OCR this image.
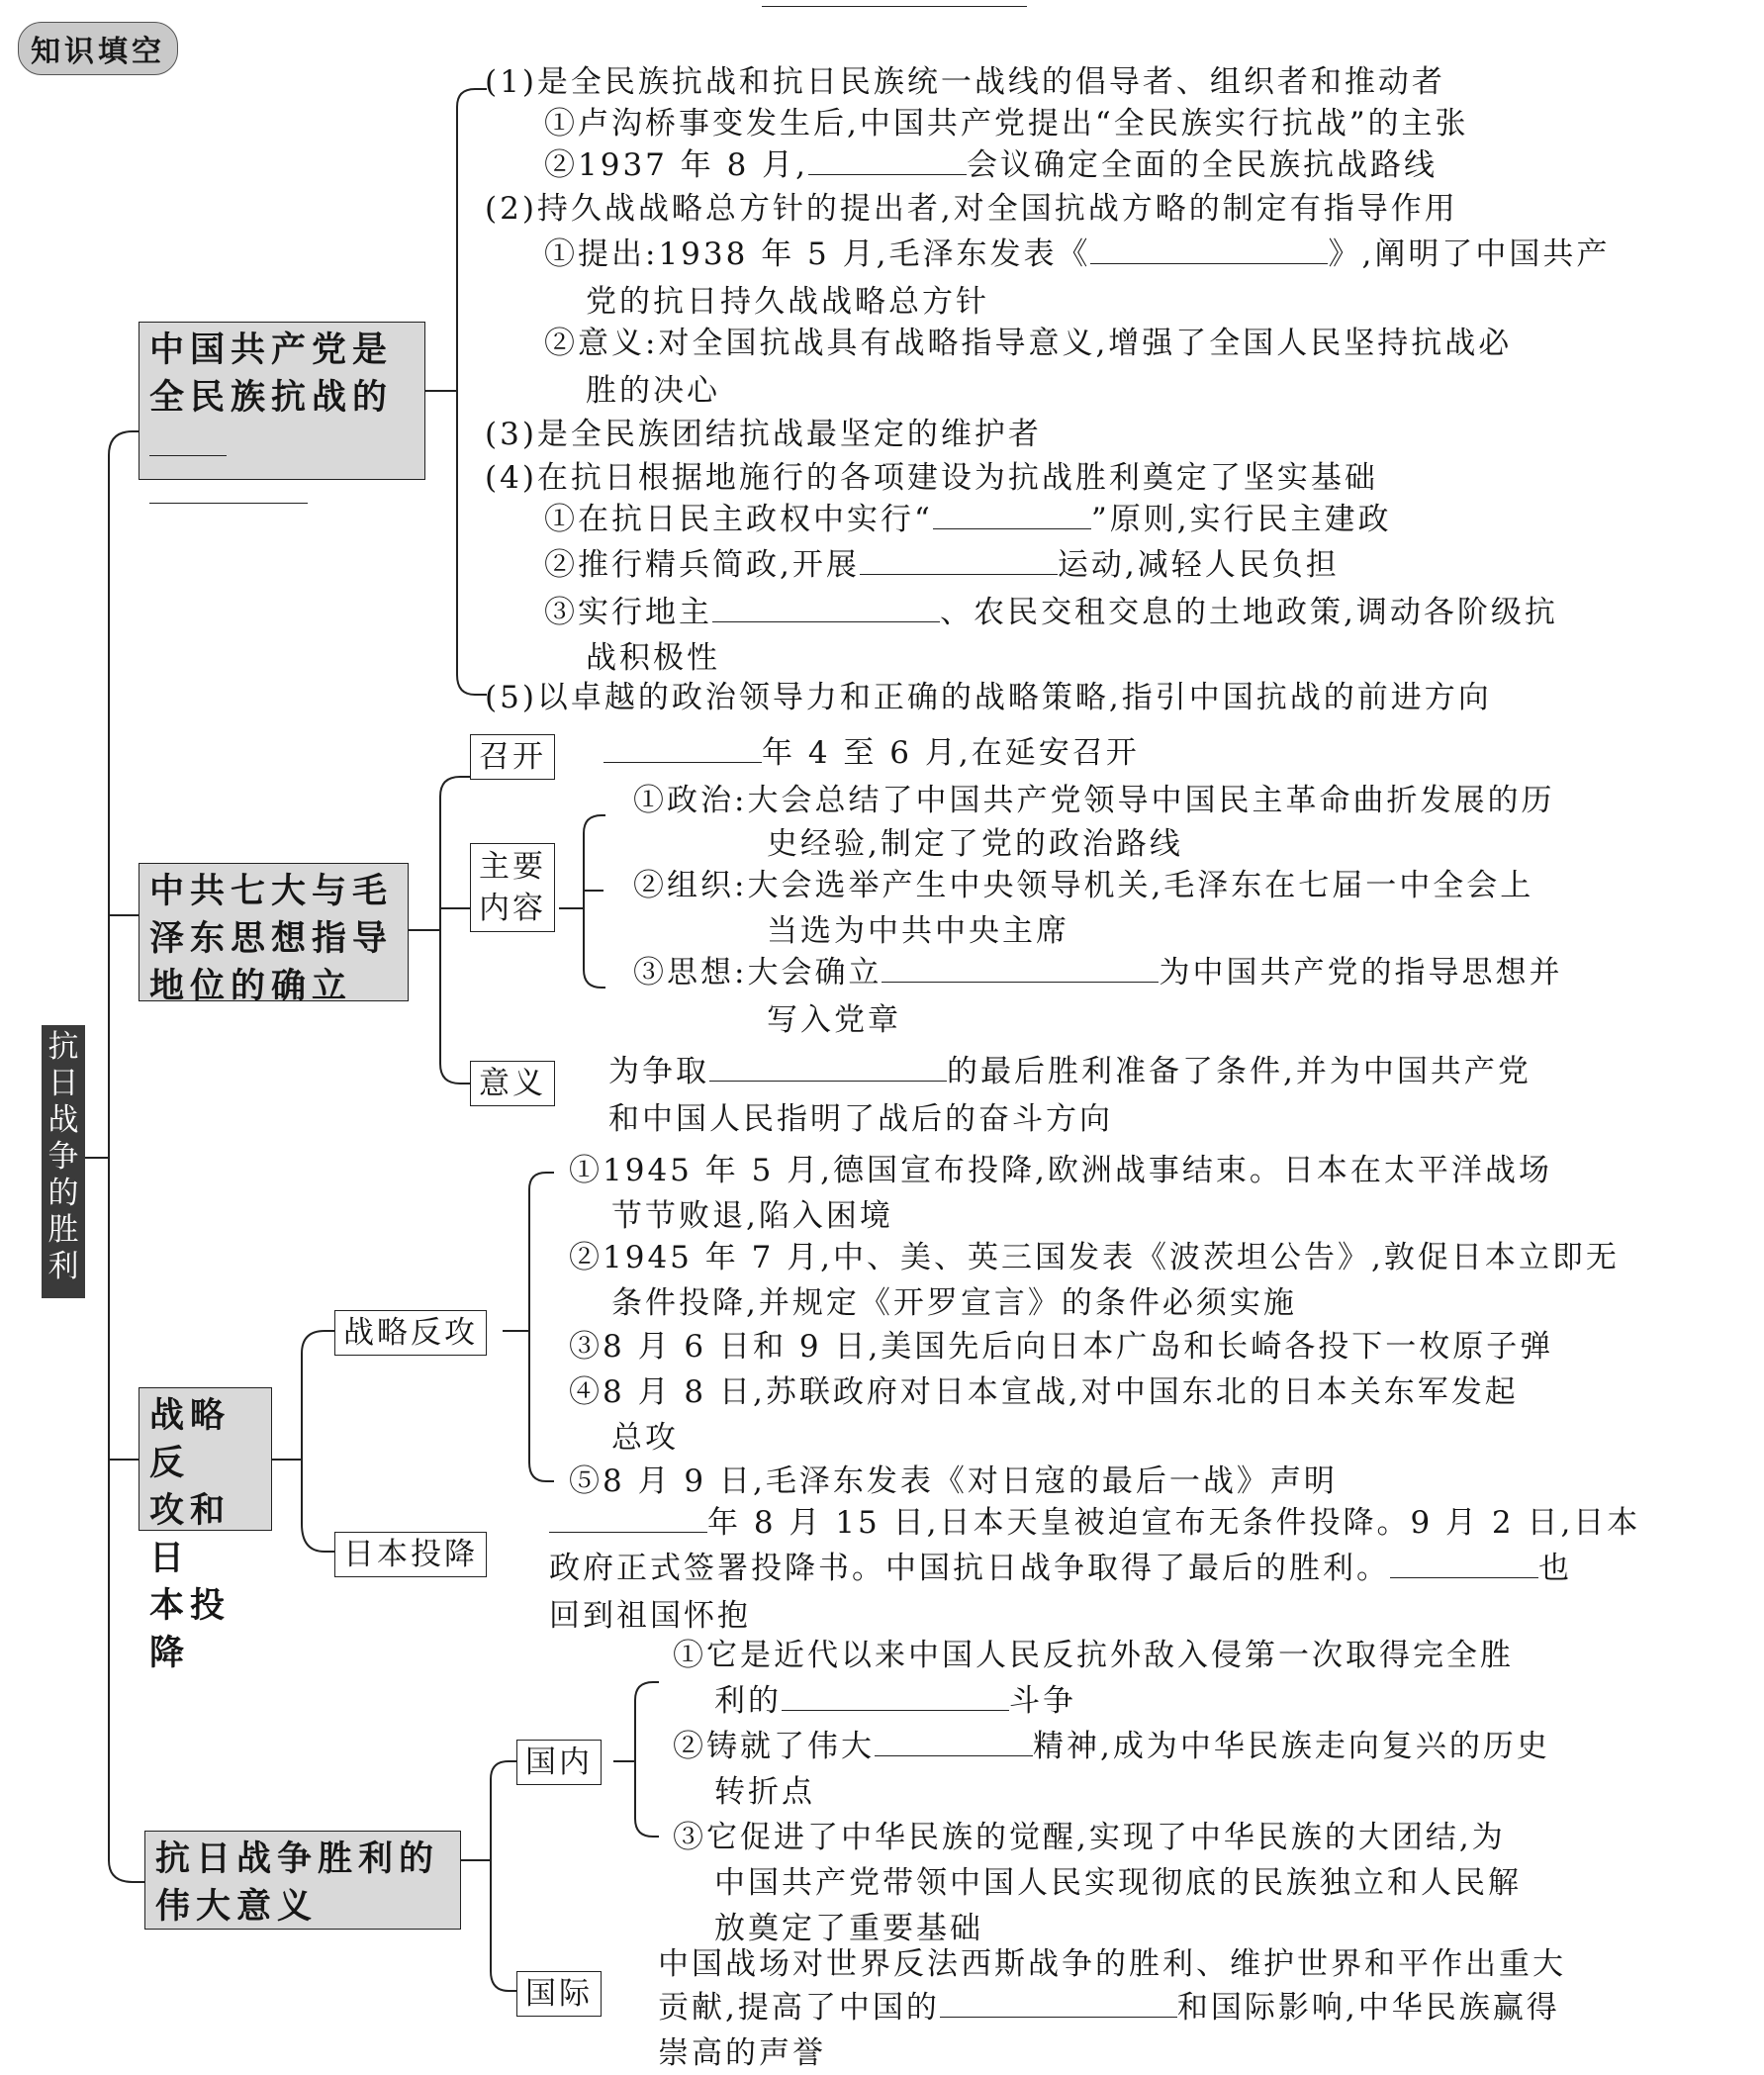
知识填空
抗日战争的胜利
中国共产党是全民族抗战的

(1)是全民族抗战和抗日民族统一战线的倡导者、组织者和推动者
①卢沟桥事变发生后,中国共产党提出“全民族实行抗战”的主张
②1937 年 8 月,	会议确定全面的全民族抗战路线
(2)持久战战略总方针的提出者,对全国抗战方略的制定有指导作用
①提出:1938 年 5 月,毛泽东发表《	》,阐明了中国共产
党的抗日持久战战略总方针
②意义:对全国抗战具有战略指导意义,增强了全国人民坚持抗战必
胜的决心
(3)是全民族团结抗战最坚定的维护者
(4)在抗日根据地施行的各项建设为抗战胜利奠定了坚实基础
①在抗日民主政权中实行“	”原则,实行民主建政
②推行精兵简政,开展	运动,减轻人民负担
③实行地主	、农民交租交息的土地政策,调动各阶级抗
战积极性
(5)以卓越的政治领导力和正确的战略策略,指引中国抗战的前进方向
中共七大与毛
泽东思想指导
地位的确立
召开	年 4 至 6 月,在延安召开
主要
内容
①政治:大会总结了中国共产党领导中国民主革命曲折发展的历
史经验,制定了党的政治路线
②组织:大会选举产生中央领导机关,毛泽东在七届一中全会上
当选为中共中央主席
③思想:大会确立	为中国共产党的指导思想并
写入党章
意义 为争取	的最后胜利准备了条件,并为中国共产党
和中国人民指明了战后的奋斗方向
战略反
攻和日
本投降
战略反攻
①1945 年 5 月,德国宣布投降,欧洲战事结束。日本在太平洋战场
节节败退,陷入困境
②1945 年 7 月,中、美、英三国发表《波茨坦公告》,敦促日本立即无
条件投降,并规定《开罗宣言》的条件必须实施
③8 月 6 日和 9 日,美国先后向日本广岛和长崎各投下一枚原子弹
④8 月 8 日,苏联政府对日本宣战,对中国东北的日本关东军发起
总攻
⑤8 月 9 日,毛泽东发表《对日寇的最后一战》声明
日本投降
年 8 月 15 日,日本天皇被迫宣布无条件投降。9 月 2 日,日本
政府正式签署投降书。中国抗日战争取得了最后的胜利。	也
回到祖国怀抱
抗日战争胜利的
伟大意义
国内
①它是近代以来中国人民反抗外敌入侵第一次取得完全胜
利的	斗争
②铸就了伟大	精神,成为中华民族走向复兴的历史
转折点
③它促进了中华民族的觉醒,实现了中华民族的大团结,为
中国共产党带领中国人民实现彻底的民族独立和人民解
放奠定了重要基础
国际
中国战场对世界反法西斯战争的胜利、维护世界和平作出重大
贡献,提高了中国的	和国际影响,中华民族赢得
崇高的声誉
